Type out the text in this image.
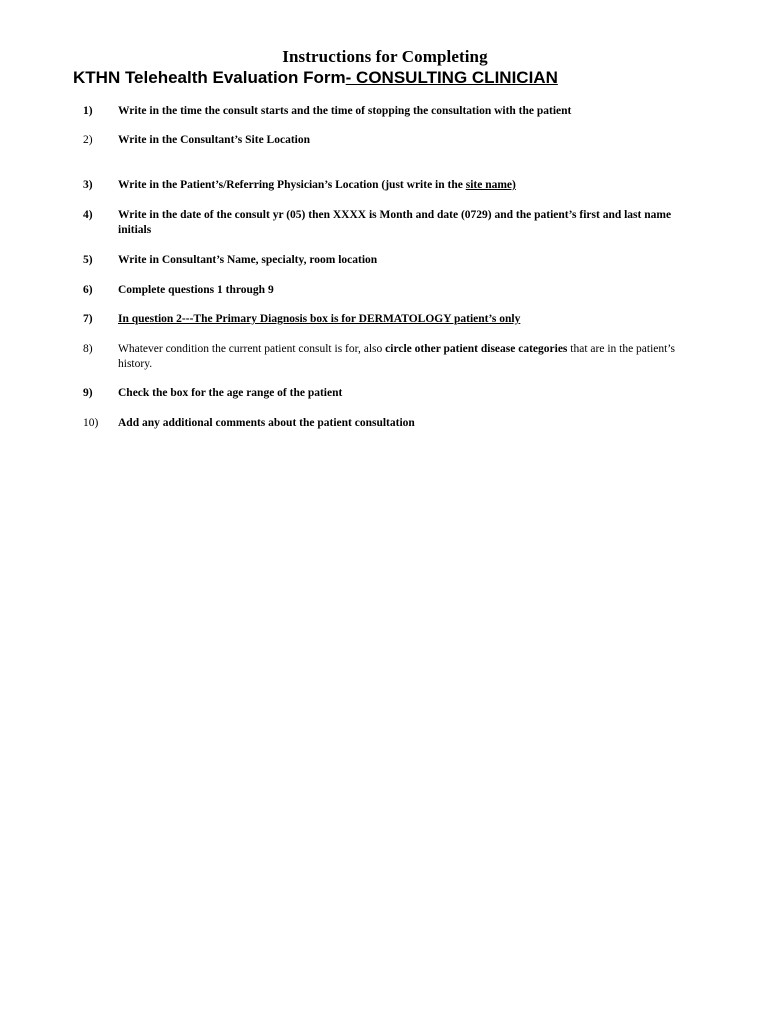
Instructions for Completing
KTHN Telehealth Evaluation Form- CONSULTING CLINICIAN
1)	Write in the time the consult starts and the time of stopping the consultation with the patient
2)	Write in the Consultant’s Site Location
3)	Write in the Patient’s/Referring Physician’s Location (just write in the site name)
4)	Write in the date of the consult yr (05) then XXXX is Month and date (0729) and the patient’s first and last name initials
5)	Write in Consultant’s Name, specialty, room location
6)	Complete questions 1 through 9
7)	In question 2---The Primary Diagnosis box is for DERMATOLOGY patient’s only
8)	Whatever condition the current patient consult is for, also circle other patient disease categories that are in the patient’s history.
9)	Check the box for the age range of the patient
10)	Add any additional comments about the patient consultation
